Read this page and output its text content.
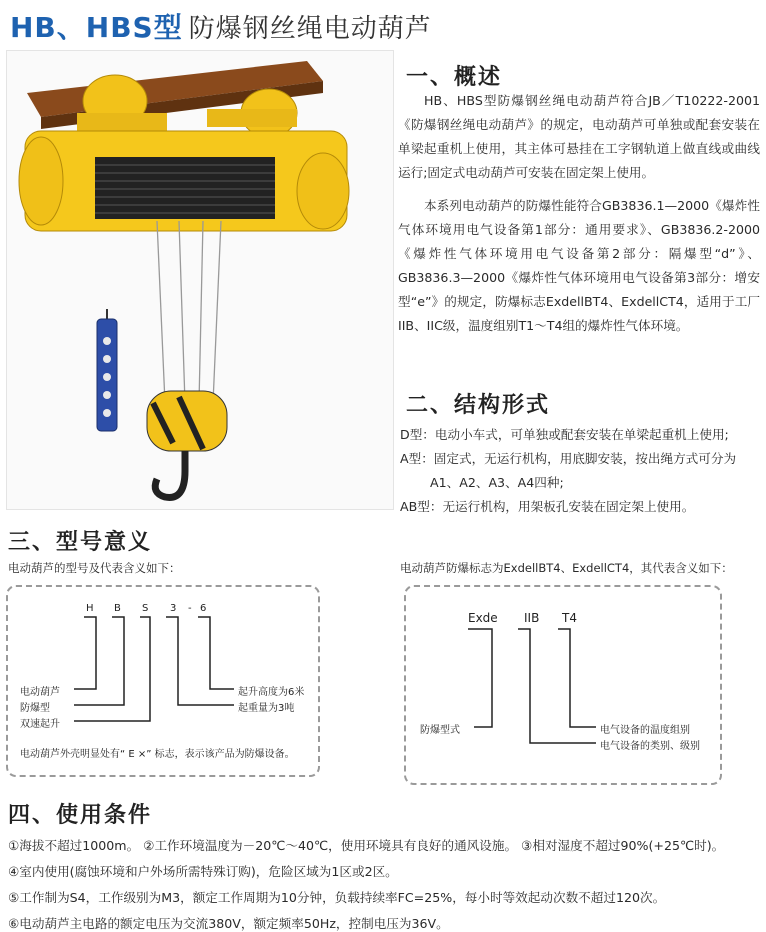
HB、HBS型 防爆钢丝绳电动葫芦
一、概述

HB、HBS型防爆钢丝绳电动葫芦符合JB／T10222-2001《防爆钢丝绳电动葫芦》的规定，电动葫芦可单独或配套安装在单梁起重机上使用，其主体可悬挂在工字钢轨道上做直线或曲线运行;固定式电动葫芦可安装在固定架上使用。

本系列电动葫芦的防爆性能符合GB3836.1—2000《爆炸性气体环境用电气设备第1部分：通用要求》、GB3836.2-2000《爆炸性气体环境用电气设备第2部分：隔爆型“d”》、GB3836.3—2000《爆炸性气体环境用电气设备第3部分：增安型“e”》的规定，防爆标志ExdellBT4、ExdellCT4，适用于工厂IIB、IIC级，温度组别T1～T4组的爆炸性气体环境。

二、结构形式
D型：电动小车式，可单独或配套安装在单梁起重机上使用;
A型：固定式，无运行机构，用底脚安装，按出绳方式可分为
A1、A2、A3、A4四种;
AB型：无运行机构，用架板孔安装在固定架上使用。
三、型号意义
电动葫芦的型号及代表含义如下：	电动葫芦防爆标志为ExdellBT4、ExdellCT4，其代表含义如下：
H B S 3 - 6
电动葫芦
防爆型
双速起升
起升高度为6米
起重量为3吨
电动葫芦外壳明显处有“ E ×” 标志，表示该产品为防爆设备。
Exde IIB T4
防爆型式	电气设备的温度组别
电气设备的类别、级别
四、使用条件
①海拔不超过1000m。 ②工作环境温度为－20℃～40℃，使用环境具有良好的通风设施。 ③相对湿度不超过90%(+25℃时)。
④室内使用(腐蚀环境和户外场所需特殊订购)，危险区域为1区或2区。
⑤工作制为S4，工作级别为M3，额定工作周期为10分钟，负载持续率FC=25%，每小时等效起动次数不超过120次。
⑥电动葫芦主电路的额定电压为交流380V，额定频率50Hz，控制电压为36V。
